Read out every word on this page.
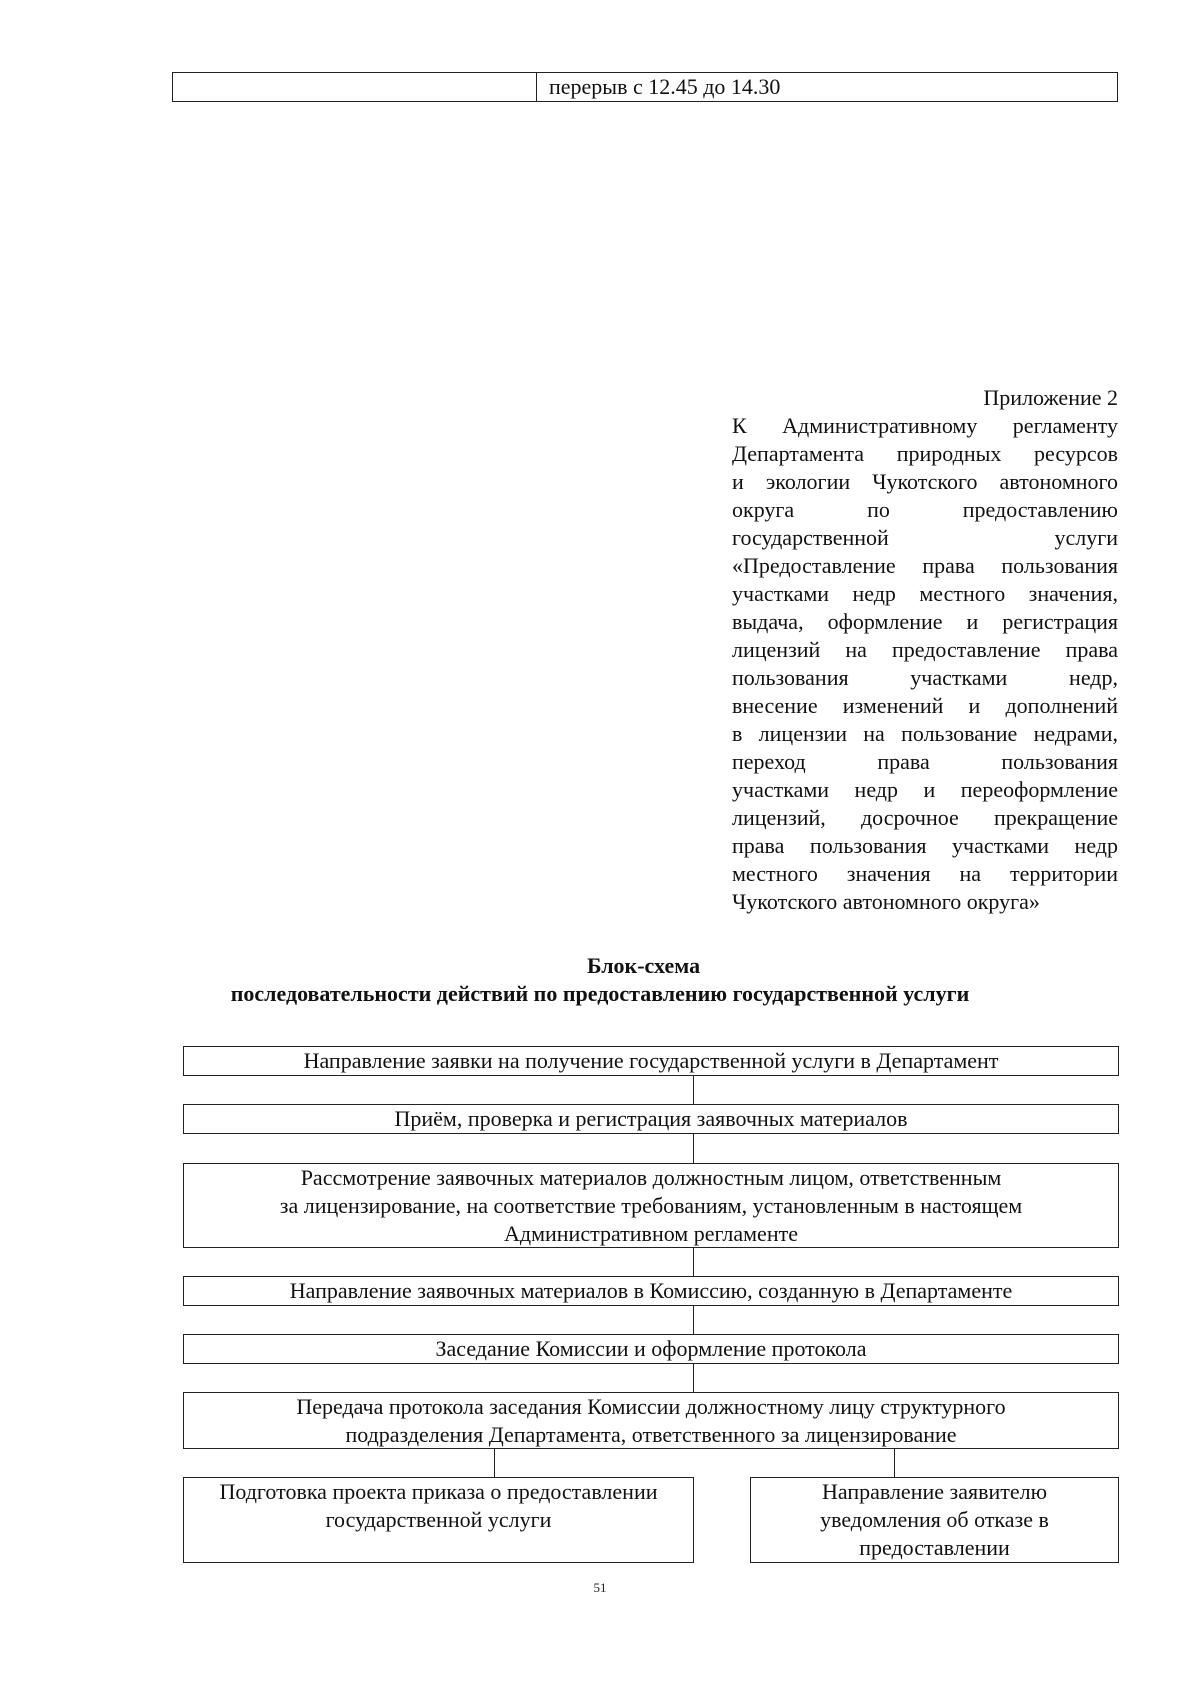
перерыв с 12.45 до 14.30
Приложение 2
К Административному регламенту
Департамента природных ресурсов
и экологии Чукотского автономного
округа по предоставлению
государственной услуги
«Предоставление права пользования
участками недр местного значения,
выдача, оформление и регистрация
лицензий на предоставление права
пользования участками недр,
внесение изменений и дополнений
в лицензии на пользование недрами,
переход права пользования
участками недр и переоформление
лицензий, досрочное прекращение
права пользования участками недр
местного значения на территории
Чукотского автономного округа»
Блок-схема
последовательности действий по предоставлению государственной услуги
Направление заявки на получение государственной услуги в Департамент
Приём, проверка и регистрация заявочных материалов
Рассмотрение заявочных материалов должностным лицом, ответственным
за лицензирование, на соответствие требованиям, установленным в настоящем
Административном регламенте
Направление заявочных материалов в Комиссию, созданную в Департаменте
Заседание Комиссии и оформление протокола
Передача протокола заседания Комиссии должностному лицу структурного
подразделения Департамента, ответственного за лицензирование
Подготовка проекта приказа о предоставлении
государственной услуги
Направление заявителю
уведомления об отказе в
предоставлении
51
